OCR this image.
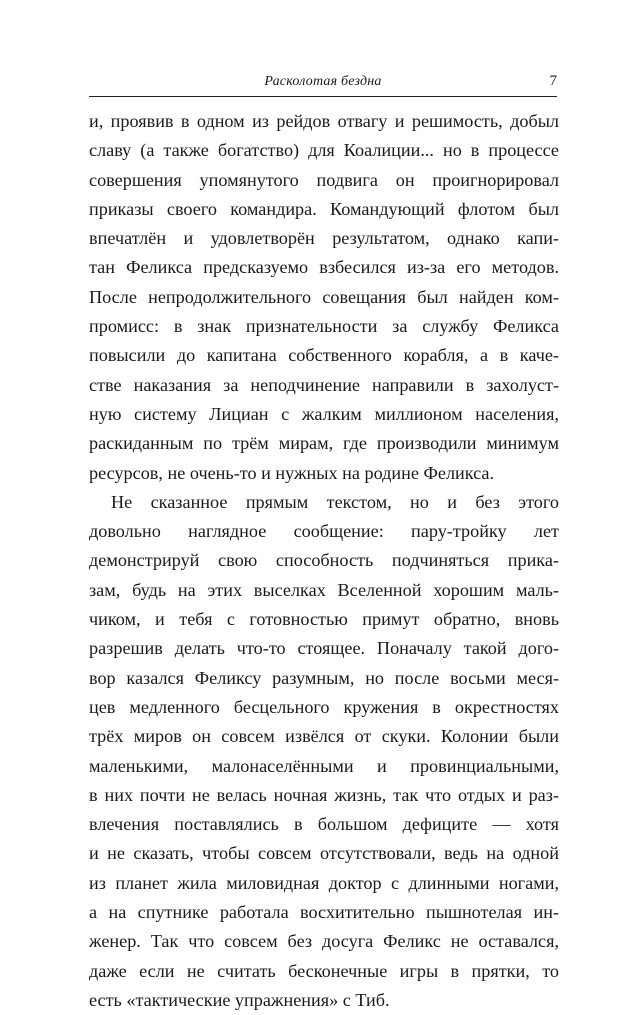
Расколотая бездна	7

и, проявив в одном из рейдов отвагу и решимость, добыл
славу (а также богатство) для Коалиции... но в процессе
совершения упомянутого подвига он проигнорировал
приказы своего командира. Командующий флотом был
впечатлён и удовлетворён результатом, однако капи-
тан Феликса предсказуемо взбесился из-за его методов.
После непродолжительного совещания был найден ком-
промисс: в знак признательности за службу Феликса
повысили до капитана собственного корабля, а в каче-
стве наказания за неподчинение направили в захолуст-
ную систему Лициан с жалким миллионом населения,
раскиданным по трём мирам, где производили минимум
ресурсов, не очень-то и нужных на родине Феликса.

Не сказанное прямым текстом, но и без этого
довольно наглядное сообщение: пару-тройку лет
демонстрируй свою способность подчиняться прика-
зам, будь на этих выселках Вселенной хорошим маль-
чиком, и тебя с готовностью примут обратно, вновь
разрешив делать что-то стоящее. Поначалу такой дого-
вор казался Феликсу разумным, но после восьми меся-
цев медленного бесцельного кружения в окрестностях
трёх миров он совсем извёлся от скуки. Колонии были
маленькими, малонаселёнными и провинциальными,
в них почти не велась ночная жизнь, так что отдых и раз-
влечения поставлялись в большом дефиците — хотя
и не сказать, чтобы совсем отсутствовали, ведь на одной
из планет жила миловидная доктор с длинными ногами,
а на спутнике работала восхитительно пышнотелая ин-
женер. Так что совсем без досуга Феликс не оставался,
даже если не считать бесконечные игры в прятки, то
есть «тактические упражнения» с Тиб.
